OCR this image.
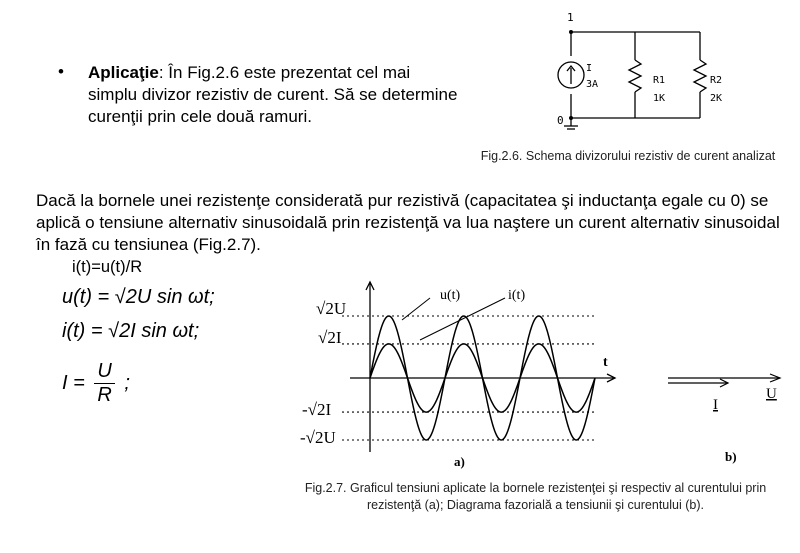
• Aplicaţie: În Fig.2.6 este prezentat cel mai simplu divizor rezistiv de curent. Să se determine curenţii prin cele două ramuri.
1
0
I
3A	R1
1K
R2
2K
Fig.2.6. Schema divizorului rezistiv de curent analizat
Dacă la bornele unei rezistenţe considerată pur rezistivă (capacitatea şi inductanţa egale cu 0) se aplică o tensiune alternativ sinusoidală prin rezistenţă va lua naştere un curent alternativ sinusoidal în fază cu tensiunea (Fig.2.7).
i(t)=u(t)/R
u(t) = √2U sin ωt;
i(t) = √2I sin ωt;
$I = \frac{U}{R}$ ;
u(t)	i(t)
√2U
√2I
-√2I
-√2U
t
a)
I
U
b)
Fig.2.7. Graficul tensiuni aplicate la bornele rezistenţei şi respectiv al curentului prin rezistenţă (a); Diagrama fazorială a tensiunii şi curentului (b).
